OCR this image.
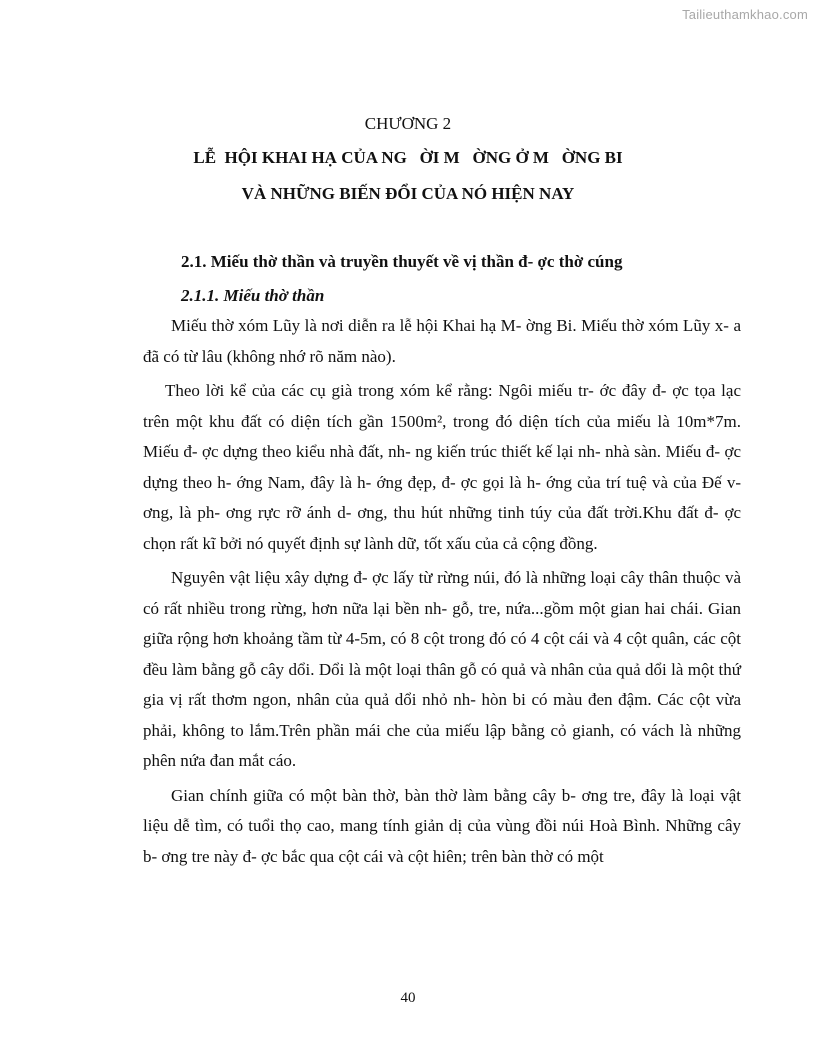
Tailieuthamkhao.com
CHƯƠNG 2
LỄ  HỘI KHAI HẠ CỦA NG   ỜI M   ỜNG Ở M   ỜNG BI
VÀ NHỮNG BIẾN ĐỔI CỦA NÓ HIỆN NAY
2.1. Miếu thờ thần và truyền thuyết về vị thần đ- ợc thờ cúng
2.1.1. Miếu thờ thần

Miếu thờ xóm Lũy là nơi diễn ra lễ hội Khai hạ M- ờng Bi. Miếu thờ xóm Lũy x- a đã có từ lâu (không nhớ rõ năm nào).

Theo lời kể của các cụ già trong xóm kể rằng: Ngôi miếu tr- ớc đây đ- ợc tọa lạc trên một khu đất có diện tích gần 1500m², trong đó diện tích của miếu là 10m*7m. Miếu đ- ợc dựng theo kiểu nhà đất, nh- ng kiến trúc thiết kế lại nh- nhà sàn. Miếu đ- ợc dựng theo h- ớng Nam, đây là h- ớng đẹp, đ- ợc gọi là h- ớng của trí tuệ và của Đế v- ơng, là ph- ơng rực rỡ ánh d- ơng, thu hút những tinh túy của đất trời.Khu đất đ- ợc chọn rất kĩ bởi nó quyết định sự lành dữ, tốt xấu của cả cộng đồng.

Nguyên vật liệu xây dựng đ- ợc lấy từ rừng núi, đó là những loại cây thân thuộc và có rất nhiều trong rừng, hơn nữa lại bền nh- gỗ, tre, nứa...gồm một gian hai chái. Gian giữa rộng hơn khoảng tầm từ 4-5m, có 8 cột trong đó có 4 cột cái và 4 cột quân, các cột đều làm bằng gỗ cây dổi. Dổi là một loại thân gỗ có quả và nhân của quả dổi là một thứ gia vị rất thơm ngon, nhân của quả dổi nhỏ nh- hòn bi có màu đen đậm. Các cột vừa phải, không to lắm.Trên phần mái che của miếu lập bằng cỏ gianh, có vách là những phên nứa đan mắt cáo.

Gian chính giữa có một bàn thờ, bàn thờ làm bằng cây b- ơng tre, đây là loại vật liệu dễ tìm, có tuổi thọ cao, mang tính giản dị của vùng đồi núi Hoà Bình. Những cây b- ơng tre này đ- ợc bắc qua cột cái và cột hiên; trên bàn thờ có một

40
